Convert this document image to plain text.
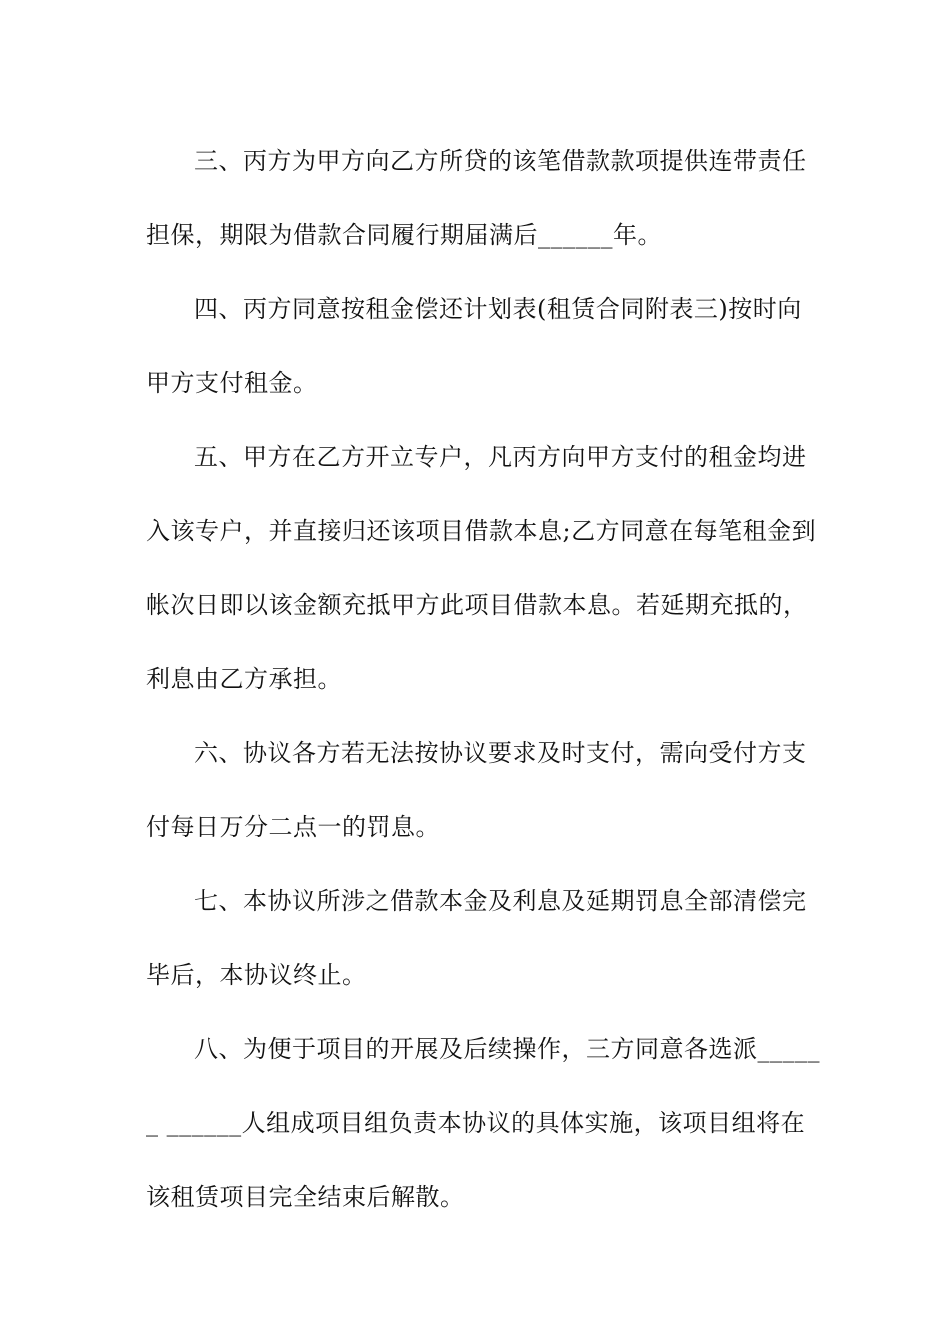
三、丙方为甲方向乙方所贷的该笔借款款项提供连带责任
担保，期限为借款合同履行期届满后______年。
四、丙方同意按租金偿还计划表(租赁合同附表三)按时向
甲方支付租金。
五、甲方在乙方开立专户，凡丙方向甲方支付的租金均进
入该专户，并直接归还该项目借款本息;乙方同意在每笔租金到
帐次日即以该金额充抵甲方此项目借款本息。若延期充抵的，
利息由乙方承担。
六、协议各方若无法按协议要求及时支付，需向受付方支
付每日万分二点一的罚息。
七、本协议所涉之借款本金及利息及延期罚息全部清偿完
毕后，本协议终止。
八、为便于项目的开展及后续操作，三方同意各选派_____
_ ______人组成项目组负责本协议的具体实施，该项目组将在
该租赁项目完全结束后解散。
